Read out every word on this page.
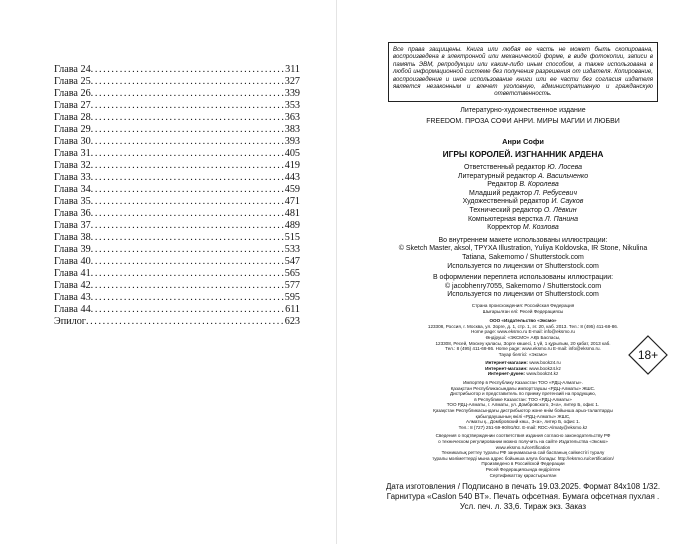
Глава 24 .....	311
Глава 25 .....	327
Глава 26 .....	339
Глава 27 .....	353
Глава 28 .....	363
Глава 29 .....	383
Глава 30 .....	393
Глава 31 .....	405
Глава 32 .....	419
Глава 33 .....	443
Глава 34 .....	459
Глава 35 .....	471
Глава 36 .....	481
Глава 37 .....	489
Глава 38 .....	515
Глава 39 .....	533
Глава 40 .....	547
Глава 41 .....	565
Глава 42 .....	577
Глава 43 .....	595
Глава 44 .....	611
Эпилог .....	623
Все права защищены. Книга или любая ее часть не может быть скопирована, воспроизведена в электронной или механической форме, в виде фотокопии, записи в память ЭВМ, репродукции или каким-либо иным способом, а также использована в любой информационной системе без получения разрешения от издателя. Копирование, воспроизведение и иное использование книги или ее части без согласия издателя является незаконным и влечет уголовную, административную и гражданскую ответственность.
Литературно-художественное издание
FREEDOM. ПРОЗА СОФИ АНРИ. МИРЫ МАГИИ И ЛЮБВИ
Анри Софи
ИГРЫ КОРОЛЕЙ. ИЗГНАННИК АРДЕНА
Ответственный редактор Ю. Лосева
Литературный редактор А. Васильченко
Редактор В. Королева
Младший редактор Л. Ребусевич
Художественный редактор И. Сауков
Технический редактор О. Лёвкин
Компьютерная верстка Л. Панина
Корректор М. Козлова
Во внутреннем макете использованы иллюстрации:
© Sketch Master, aksol, TPYXA Illustration, Yuliya Koldovska, IR Stone, Nikulina
Tatiana, Sakemomo / Shutterstock.com
Используется по лицензии от Shutterstock.com
В оформлении переплета использованы иллюстрации:
© jacobhenry7055, Sakemomo / Shutterstock.com
Используется по лицензии от Shutterstock.com
Страна происхождения: Российская Федерация
Шығарылған елі: Ресей Федерациясы
ООО «Издательство «Эксмо»
123308, Россия, г. Москва, ул. Зорге, д. 1, стр. 1, эт. 20, каб. 2013. Тел.: 8 (495) 411-68-86.
Home page: www.eksmo.ru E-mail: info@eksmo.ru
Өндіруші: «ЭКСМО» АҚБ Баспасы,
123308, Ресей, Мәскеу қаласы, Зорге көшесі, 1 үй, 1 құрылым, 20 қабат, 2013 каб.
Тел.: 8 (495) 411-68-86. Home page: www.eksmo.ru E-mail: info@eksmo.ru.
Тауар белгісі: «Эксмо»
Интернет-магазин: www.book24.ru
Интернет-магазин: www.book24.kz
Интернет-дүкен: www.book24.kz
Импортёр в Республику Казахстан ТОО «РДЦ-Алматы».
Қазақстан Республикасындағы импорттаушы «РДЦ-Алматы» ЖШС.
Дистрибьютор и представитель по приему претензий на продукцию,
в Республике Казахстан: ТОО «РДЦ-Алматы»
ТОО РДЦ-Алматы, г. Алматы, ул. Домбровского, 3«а», литер Б, офис 1.
Қазақстан Республикасындағы дистрибьютор және өнім бойынша арыз-талаптарды
қабылдаушының өкілі «РДЦ-Алматы» ЖШС,
Алматы қ., Домбровский көш., 3«а», литер Б, офис 1.
Тел.: 8 (727) 251-59-90/91/92. E-mail: RDC-Almaty@eksmo.kz
Сведения о подтверждении соответствия издания согласно законодательству РФ
о техническом регулировании можно получить на сайте Издательства «Эксмо»
www.eksmo.ru/certification
Техникалық реттеу туралы РФ заңнамасына сай баспаның сәйкестігі туралу
туралы мәліметтерді мына адрес бойынша алуға болады: http://eksmo.ru/certification/
Произведено в Российской Федерации
Ресей Федерациясында өндірілген
Сертификаттау қарастырылған
Дата изготовления / Подписано в печать 19.03.2025. Формат 84x108 1/32.
Гарнитура «Caslon 540 BT». Печать офсетная. Бумага офсетная пухлая .
Усл. печ. л. 33,6. Тираж экз. Заказ
18+
